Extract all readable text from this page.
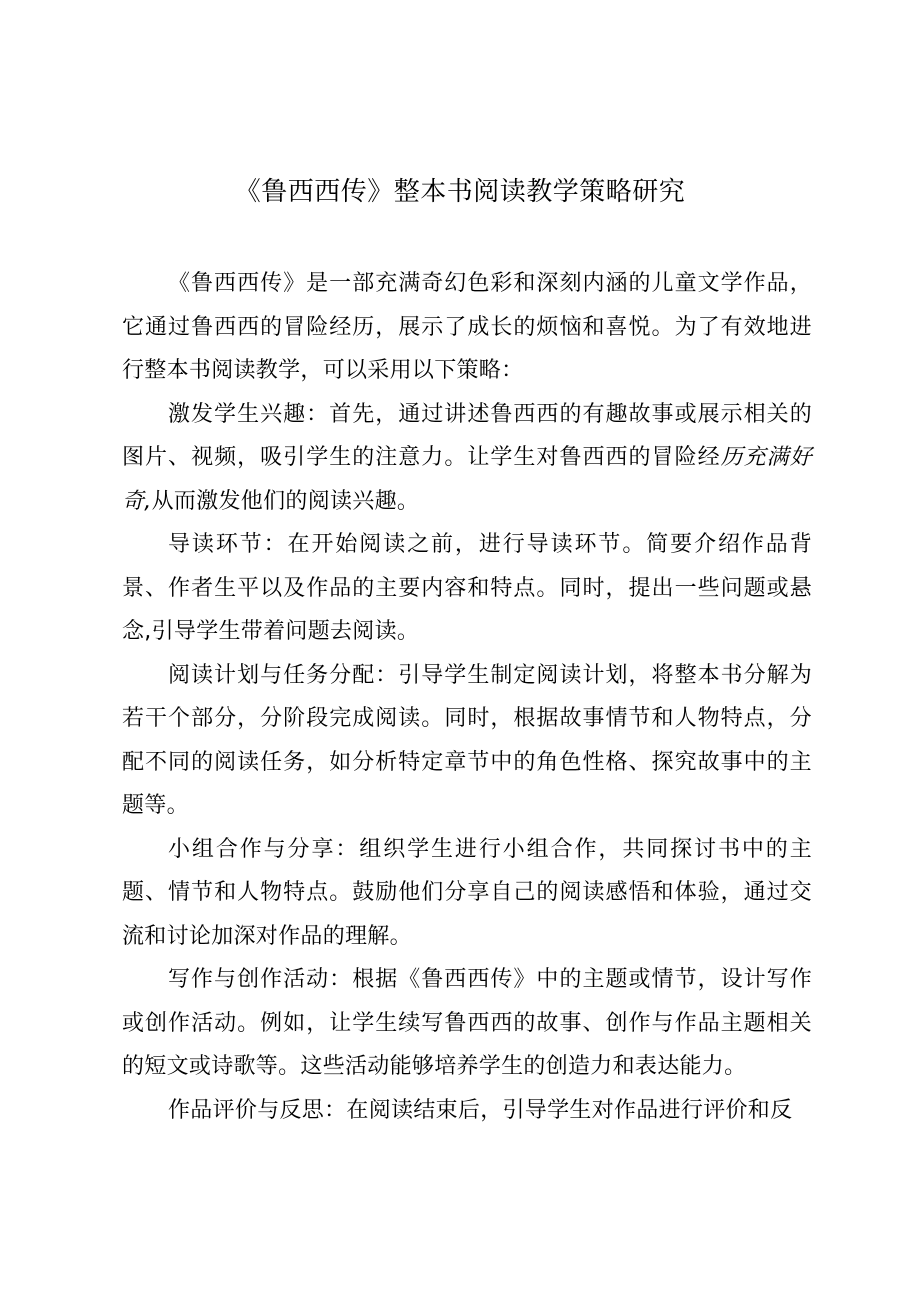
《鲁西西传》整本书阅读教学策略研究

《鲁西西传》是一部充满奇幻色彩和深刻内涵的儿童文学作品，它通过鲁西西的冒险经历，展示了成长的烦恼和喜悦。为了有效地进行整本书阅读教学，可以采用以下策略：

激发学生兴趣：首先，通过讲述鲁西西的有趣故事或展示相关的图片、视频，吸引学生的注意力。让学生对鲁西西的冒险经历充满好奇,从而激发他们的阅读兴趣。

导读环节：在开始阅读之前，进行导读环节。简要介绍作品背景、作者生平以及作品的主要内容和特点。同时，提出一些问题或悬念,引导学生带着问题去阅读。

阅读计划与任务分配：引导学生制定阅读计划，将整本书分解为若干个部分，分阶段完成阅读。同时，根据故事情节和人物特点，分配不同的阅读任务，如分析特定章节中的角色性格、探究故事中的主题等。

小组合作与分享：组织学生进行小组合作，共同探讨书中的主题、情节和人物特点。鼓励他们分享自己的阅读感悟和体验，通过交流和讨论加深对作品的理解。

写作与创作活动：根据《鲁西西传》中的主题或情节，设计写作或创作活动。例如，让学生续写鲁西西的故事、创作与作品主题相关的短文或诗歌等。这些活动能够培养学生的创造力和表达能力。

作品评价与反思：在阅读结束后，引导学生对作品进行评价和反
